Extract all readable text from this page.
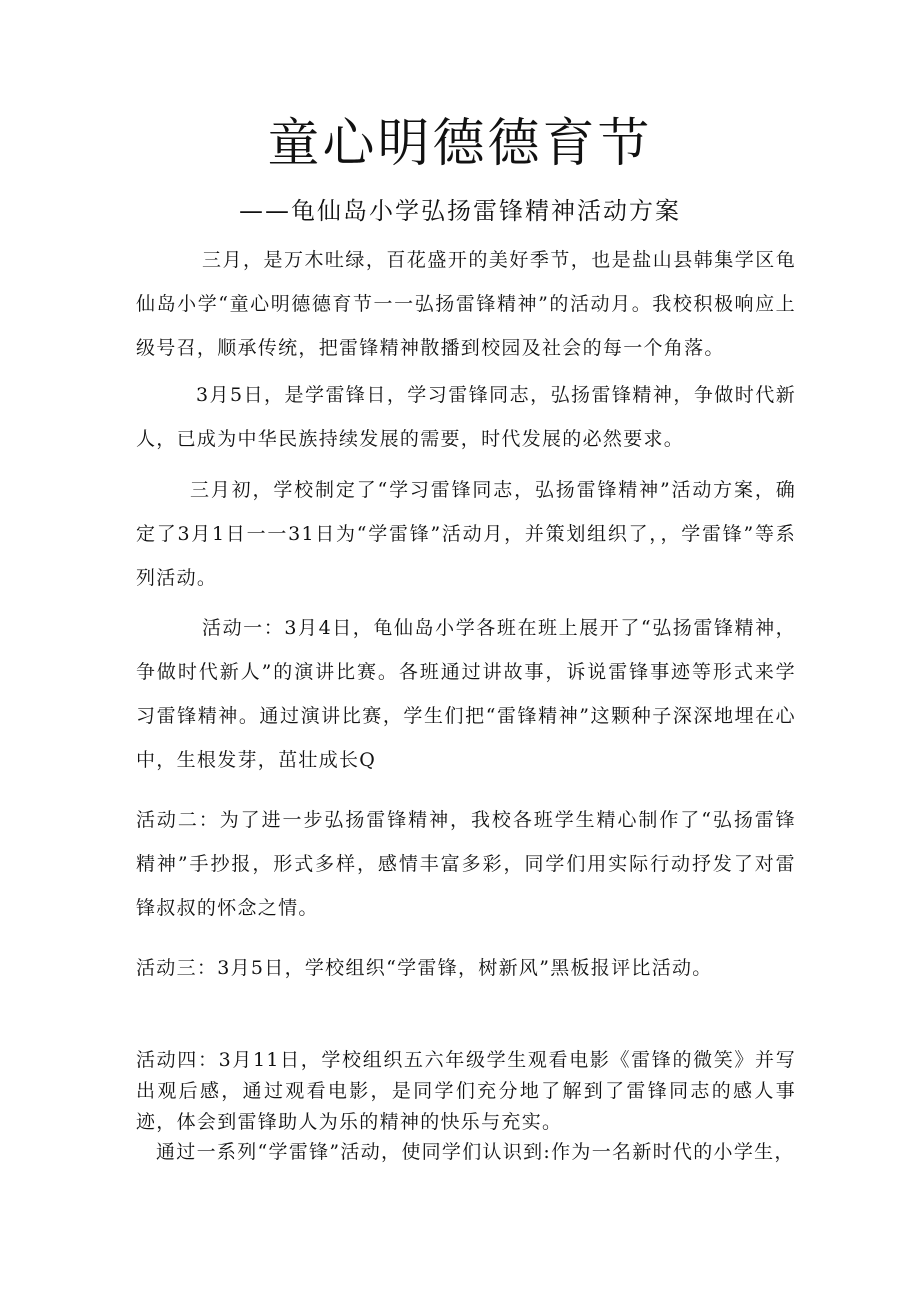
童心明德德育节
——龟仙岛小学弘扬雷锋精神活动方案
三月，是万木吐绿，百花盛开的美好季节，也是盐山县韩集学区龟仙岛小学“童心明德德育节一一弘扬雷锋精神”的活动月。我校积极响应上级号召，顺承传统，把雷锋精神散播到校园及社会的每一个角落。
3月5日，是学雷锋日，学习雷锋同志，弘扬雷锋精神，争做时代新人，已成为中华民族持续发展的需要，时代发展的必然要求。
三月初，学校制定了“学习雷锋同志，弘扬雷锋精神”活动方案，确定了3月1日一一31日为“学雷锋”活动月，并策划组织了，，学雷锋”等系列活动。
活动一：3月4日，龟仙岛小学各班在班上展开了“弘扬雷锋精神，争做时代新人”的演讲比赛。各班通过讲故事，诉说雷锋事迹等形式来学习雷锋精神。通过演讲比赛，学生们把“雷锋精神”这颗种子深深地埋在心中，生根发芽，茁壮成长Q
活动二：为了进一步弘扬雷锋精神，我校各班学生精心制作了“弘扬雷锋精神”手抄报，形式多样，感情丰富多彩，同学们用实际行动抒发了对雷锋叔叔的怀念之情。
活动三：3月5日，学校组织“学雷锋，树新风”黑板报评比活动。
活动四：3月11日，学校组织五六年级学生观看电影《雷锋的微笑》并写出观后感，通过观看电影，是同学们充分地了解到了雷锋同志的感人事迹，体会到雷锋助人为乐的精神的快乐与充实。
通过一系列“学雷锋”活动，使同学们认识到:作为一名新时代的小学生，
